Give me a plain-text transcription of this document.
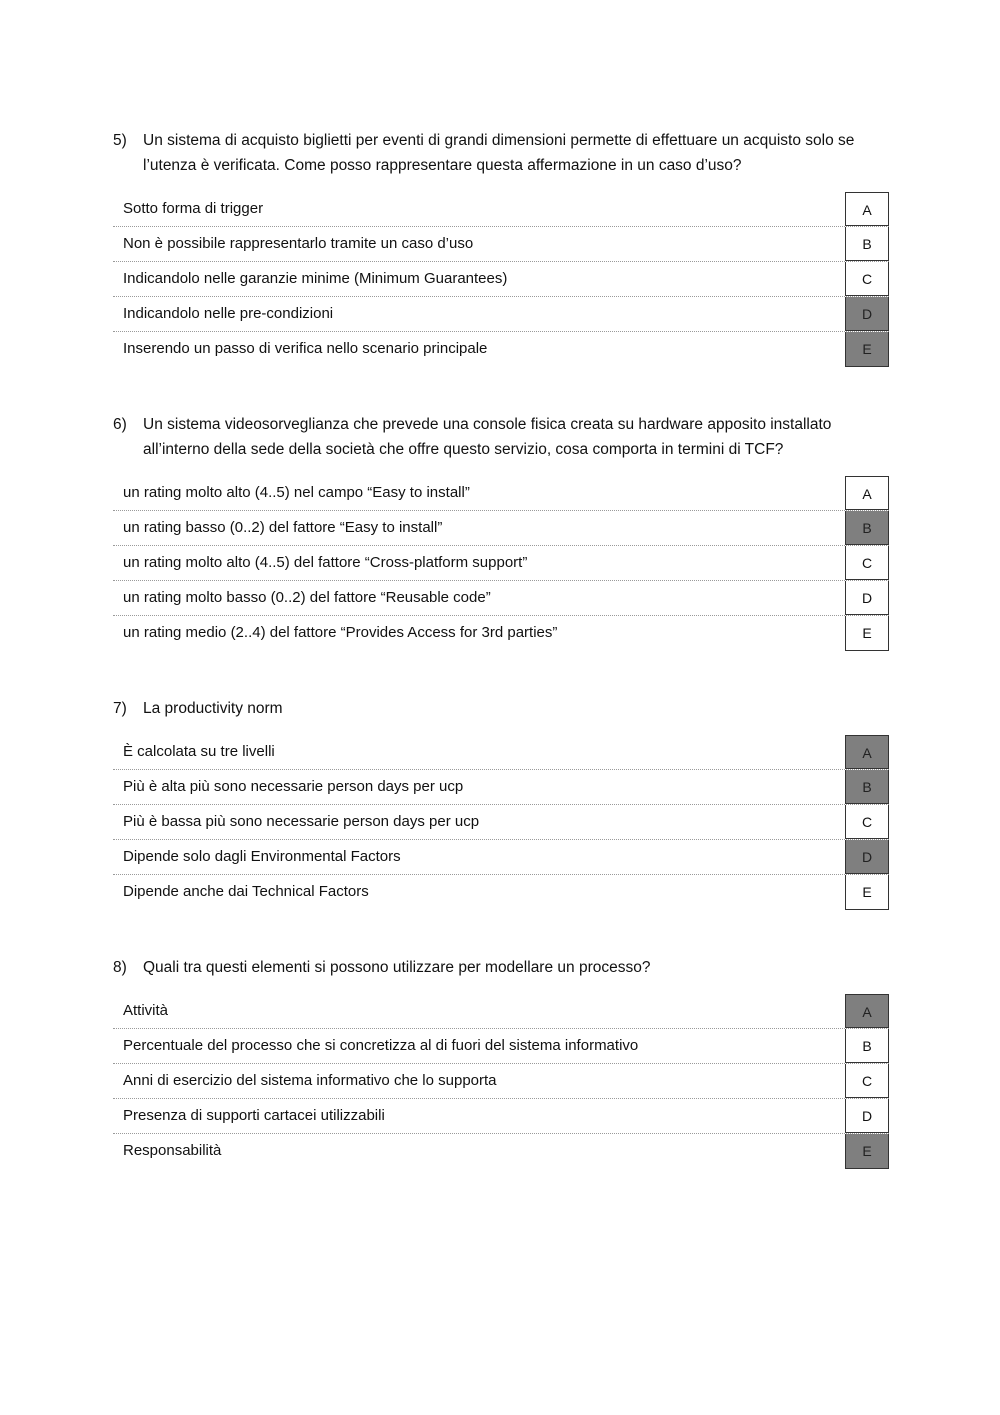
5)	Un sistema di acquisto biglietti per eventi di grandi dimensioni permette di effettuare un acquisto solo se l’utenza è verificata. Come posso rappresentare questa affermazione in un caso d’uso?
Sotto forma di trigger	A
Non è possibile rappresentarlo tramite un caso d’uso	B
Indicandolo nelle garanzie minime (Minimum Guarantees)	C
Indicandolo nelle pre-condizioni	D
Inserendo un passo di verifica nello scenario principale	E
6)	Un sistema videosorveglianza che prevede una console fisica creata su hardware apposito installato all’interno della sede della società che offre questo servizio, cosa comporta in termini di TCF?
un rating molto alto (4..5) nel campo “Easy to install”	A
un rating basso (0..2) del fattore “Easy to install”	B
un rating molto alto (4..5) del fattore “Cross-platform support”	C
un rating molto basso (0..2) del fattore “Reusable code”	D
un rating medio (2..4) del fattore “Provides Access for 3rd parties”	E
7)	La productivity norm
È calcolata su tre livelli	A
Più è alta più sono necessarie person days per ucp	B
Più è bassa più sono necessarie person days per ucp	C
Dipende solo dagli Environmental Factors	D
Dipende anche dai Technical Factors	E
8)	Quali tra questi elementi si possono utilizzare per modellare un processo?
Attività	A
Percentuale del processo che si concretizza al di fuori del sistema informativo	B
Anni di esercizio del sistema informativo che lo supporta	C
Presenza di supporti cartacei utilizzabili	D
Responsabilità	E
